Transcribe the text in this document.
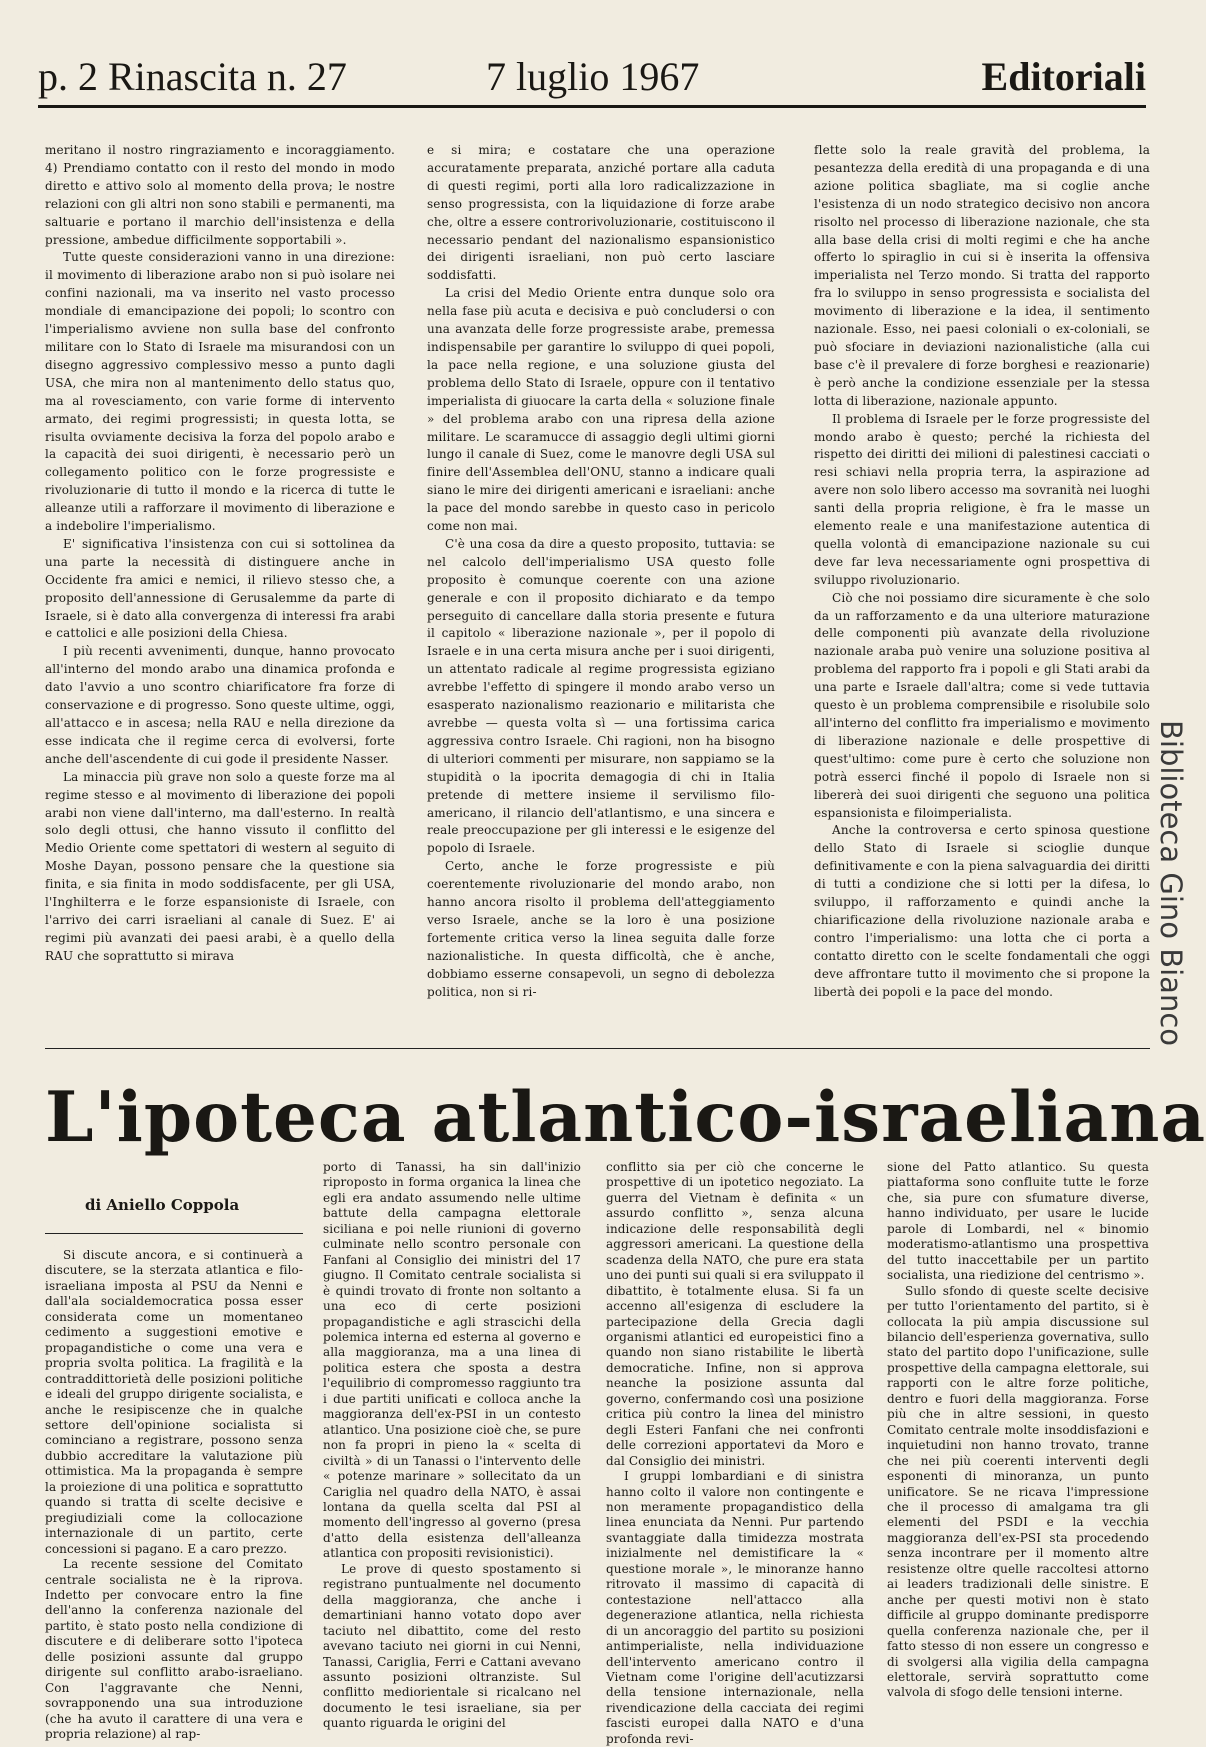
p. 2 Rinascita n. 27	7 luglio 1967	Editoriali

meritano il nostro ringraziamento e incoraggiamento. 4) Prendiamo contatto con il resto del mondo in modo diretto e attivo solo al momento della prova; le nostre relazioni con gli altri non sono stabili e permanenti, ma saltuarie e portano il marchio dell'insistenza e della pressione, ambedue difficilmente sopportabili ».

Tutte queste considerazioni vanno in una direzione: il movimento di liberazione arabo non si può isolare nei confini nazionali, ma va inserito nel vasto processo mondiale di emancipazione dei popoli; lo scontro con l'imperialismo avviene non sulla base del confronto militare con lo Stato di Israele ma misurandosi con un disegno aggressivo complessivo messo a punto dagli USA, che mira non al mantenimento dello status quo, ma al rovesciamento, con varie forme di intervento armato, dei regimi progressisti; in questa lotta, se risulta ovviamente decisiva la forza del popolo arabo e la capacità dei suoi dirigenti, è necessario però un collegamento politico con le forze progressiste e rivoluzionarie di tutto il mondo e la ricerca di tutte le alleanze utili a rafforzare il movimento di liberazione e a indebolire l'imperialismo.

E' significativa l'insistenza con cui si sottolinea da una parte la necessità di distinguere anche in Occidente fra amici e nemici, il rilievo stesso che, a proposito dell'annessione di Gerusalemme da parte di Israele, si è dato alla convergenza di interessi fra arabi e cattolici e alle posizioni della Chiesa.

I più recenti avvenimenti, dunque, hanno provocato all'interno del mondo arabo una dinamica profonda e dato l'avvio a uno scontro chiarificatore fra forze di conservazione e di progresso. Sono queste ultime, oggi, all'attacco e in ascesa; nella RAU e nella direzione da esse indicata che il regime cerca di evolversi, forte anche dell'ascendente di cui gode il presidente Nasser.

La minaccia più grave non solo a queste forze ma al regime stesso e al movimento di liberazione dei popoli arabi non viene dall'interno, ma dall'esterno. In realtà solo degli ottusi, che hanno vissuto il conflitto del Medio Oriente come spettatori di western al seguito di Moshe Dayan, possono pensare che la questione sia finita, e sia finita in modo soddisfacente, per gli USA, l'Inghilterra e le forze espansioniste di Israele, con l'arrivo dei carri israeliani al canale di Suez. E' ai regimi più avanzati dei paesi arabi, è a quello della RAU che soprattutto si mirava

e si mira; e costatare che una operazione accuratamente preparata, anziché portare alla caduta di questi regimi, porti alla loro radicalizzazione in senso progressista, con la liquidazione di forze arabe che, oltre a essere controrivoluzionarie, costituiscono il necessario pendant del nazionalismo espansionistico dei dirigenti israeliani, non può certo lasciare soddisfatti.

La crisi del Medio Oriente entra dunque solo ora nella fase più acuta e decisiva e può concludersi o con una avanzata delle forze progressiste arabe, premessa indispensabile per garantire lo sviluppo di quei popoli, la pace nella regione, e una soluzione giusta del problema dello Stato di Israele, oppure con il tentativo imperialista di giuocare la carta della « soluzione finale » del problema arabo con una ripresa della azione militare. Le scaramucce di assaggio degli ultimi giorni lungo il canale di Suez, come le manovre degli USA sul finire dell'Assemblea dell'ONU, stanno a indicare quali siano le mire dei dirigenti americani e israeliani: anche la pace del mondo sarebbe in questo caso in pericolo come non mai.

C'è una cosa da dire a questo proposito, tuttavia: se nel calcolo dell'imperialismo USA questo folle proposito è comunque coerente con una azione generale e con il proposito dichiarato e da tempo perseguito di cancellare dalla storia presente e futura il capitolo « liberazione nazionale », per il popolo di Israele e in una certa misura anche per i suoi dirigenti, un attentato radicale al regime progressista egiziano avrebbe l'effetto di spingere il mondo arabo verso un esasperato nazionalismo reazionario e militarista che avrebbe — questa volta sì — una fortissima carica aggressiva contro Israele. Chi ragioni, non ha bisogno di ulteriori commenti per misurare, non sappiamo se la stupidità o la ipocrita demagogia di chi in Italia pretende di mettere insieme il servilismo filo-americano, il rilancio dell'atlantismo, e una sincera e reale preoccupazione per gli interessi e le esigenze del popolo di Israele.

Certo, anche le forze progressiste e più coerentemente rivoluzionarie del mondo arabo, non hanno ancora risolto il problema dell'atteggiamento verso Israele, anche se la loro è una posizione fortemente critica verso la linea seguita dalle forze nazionalistiche. In questa difficoltà, che è anche, dobbiamo esserne consapevoli, un segno di debolezza politica, non si ri-

flette solo la reale gravità del problema, la pesantezza della eredità di una propaganda e di una azione politica sbagliate, ma si coglie anche l'esistenza di un nodo strategico decisivo non ancora risolto nel processo di liberazione nazionale, che sta alla base della crisi di molti regimi e che ha anche offerto lo spiraglio in cui si è inserita la offensiva imperialista nel Terzo mondo. Si tratta del rapporto fra lo sviluppo in senso progressista e socialista del movimento di liberazione e la idea, il sentimento nazionale. Esso, nei paesi coloniali o ex-coloniali, se può sfociare in deviazioni nazionalistiche (alla cui base c'è il prevalere di forze borghesi e reazionarie) è però anche la condizione essenziale per la stessa lotta di liberazione, nazionale appunto.

Il problema di Israele per le forze progressiste del mondo arabo è questo; perché la richiesta del rispetto dei diritti dei milioni di palestinesi cacciati o resi schiavi nella propria terra, la aspirazione ad avere non solo libero accesso ma sovranità nei luoghi santi della propria religione, è fra le masse un elemento reale e una manifestazione autentica di quella volontà di emancipazione nazionale su cui deve far leva necessariamente ogni prospettiva di sviluppo rivoluzionario.

Ciò che noi possiamo dire sicuramente è che solo da un rafforzamento e da una ulteriore maturazione delle componenti più avanzate della rivoluzione nazionale araba può venire una soluzione positiva al problema del rapporto fra i popoli e gli Stati arabi da una parte e Israele dall'altra; come si vede tuttavia questo è un problema comprensibile e risolubile solo all'interno del conflitto fra imperialismo e movimento di liberazione nazionale e delle prospettive di quest'ultimo: come pure è certo che soluzione non potrà esserci finché il popolo di Israele non si libererà dei suoi dirigenti che seguono una politica espansionista e filoimperialista.

Anche la controversa e certo spinosa questione dello Stato di Israele si scioglie dunque definitivamente e con la piena salvaguardia dei diritti di tutti a condizione che si lotti per la difesa, lo sviluppo, il rafforzamento e quindi anche la chiarificazione della rivoluzione nazionale araba e contro l'imperialismo: una lotta che ci porta a contatto diretto con le scelte fondamentali che oggi deve affrontare tutto il movimento che si propone la libertà dei popoli e la pace del mondo.	Biblioteca Gino Bianco
L'ipoteca atlantico-israeliana
di Aniello Coppola

Si discute ancora, e si continuerà a discutere, se la sterzata atlantica e filo-israeliana imposta al PSU da Nenni e dall'ala socialdemocratica possa esser considerata come un momentaneo cedimento a suggestioni emotive e propagandistiche o come una vera e propria svolta politica. La fragilità e la contraddittorietà delle posizioni politiche e ideali del gruppo dirigente socialista, e anche le resipiscenze che in qualche settore dell'opinione socialista si cominciano a registrare, possono senza dubbio accreditare la valutazione più ottimistica. Ma la propaganda è sempre la proiezione di una politica e soprattutto quando si tratta di scelte decisive e pregiudiziali come la collocazione internazionale di un partito, certe concessioni si pagano. E a caro prezzo.

La recente sessione del Comitato centrale socialista ne è la riprova. Indetto per convocare entro la fine dell'anno la conferenza nazionale del partito, è stato posto nella condizione di discutere e di deliberare sotto l'ipoteca delle posizioni assunte dal gruppo dirigente sul conflitto arabo-israeliano. Con l'aggravante che Nenni, sovrapponendo una sua introduzione (che ha avuto il carattere di una vera e propria relazione) al rap-

porto di Tanassi, ha sin dall'inizio riproposto in forma organica la linea che egli era andato assumendo nelle ultime battute della campagna elettorale siciliana e poi nelle riunioni di governo culminate nello scontro personale con Fanfani al Consiglio dei ministri del 17 giugno. Il Comitato centrale socialista si è quindi trovato di fronte non soltanto a una eco di certe posizioni propagandistiche e agli strascichi della polemica interna ed esterna al governo e alla maggioranza, ma a una linea di politica estera che sposta a destra l'equilibrio di compromesso raggiunto tra i due partiti unificati e colloca anche la maggioranza dell'ex-PSI in un contesto atlantico. Una posizione cioè che, se pure non fa propri in pieno la « scelta di civiltà » di un Tanassi o l'intervento delle « potenze marinare » sollecitato da un Cariglia nel quadro della NATO, è assai lontana da quella scelta dal PSI al momento dell'ingresso al governo (presa d'atto della esistenza dell'alleanza atlantica con propositi revisionistici).

Le prove di questo spostamento si registrano puntualmente nel documento della maggioranza, che anche i demartiniani hanno votato dopo aver taciuto nel dibattito, come del resto avevano taciuto nei giorni in cui Nenni, Tanassi, Cariglia, Ferri e Cattani avevano assunto posizioni oltranziste. Sul conflitto mediorientale si ricalcano nel documento le tesi israeliane, sia per quanto riguarda le origini del

conflitto sia per ciò che concerne le prospettive di un ipotetico negoziato. La guerra del Vietnam è definita « un assurdo conflitto », senza alcuna indicazione delle responsabilità degli aggressori americani. La questione della scadenza della NATO, che pure era stata uno dei punti sui quali si era sviluppato il dibattito, è totalmente elusa. Si fa un accenno all'esigenza di escludere la partecipazione della Grecia dagli organismi atlantici ed europeistici fino a quando non siano ristabilite le libertà democratiche. Infine, non si approva neanche la posizione assunta dal governo, confermando così una posizione critica più contro la linea del ministro degli Esteri Fanfani che nei confronti delle correzioni apportatevi da Moro e dal Consiglio dei ministri.

I gruppi lombardiani e di sinistra hanno colto il valore non contingente e non meramente propagandistico della linea enunciata da Nenni. Pur partendo svantaggiate dalla timidezza mostrata inizialmente nel demistificare la « questione morale », le minoranze hanno ritrovato il massimo di capacità di contestazione nell'attacco alla degenerazione atlantica, nella richiesta di un ancoraggio del partito su posizioni antimperialiste, nella individuazione dell'intervento americano contro il Vietnam come l'origine dell'acutizzarsi della tensione internazionale, nella rivendicazione della cacciata dei regimi fascisti europei dalla NATO e d'una profonda revi-

sione del Patto atlantico. Su questa piattaforma sono confluite tutte le forze che, sia pure con sfumature diverse, hanno individuato, per usare le lucide parole di Lombardi, nel « binomio moderatismo-atlantismo una prospettiva del tutto inaccettabile per un partito socialista, una riedizione del centrismo ».

Sullo sfondo di queste scelte decisive per tutto l'orientamento del partito, si è collocata la più ampia discussione sul bilancio dell'esperienza governativa, sullo stato del partito dopo l'unificazione, sulle prospettive della campagna elettorale, sui rapporti con le altre forze politiche, dentro e fuori della maggioranza. Forse più che in altre sessioni, in questo Comitato centrale molte insoddisfazioni e inquietudini non hanno trovato, tranne che nei più coerenti interventi degli esponenti di minoranza, un punto unificatore. Se ne ricava l'impressione che il processo di amalgama tra gli elementi del PSDI e la vecchia maggioranza dell'ex-PSI sta procedendo senza incontrare per il momento altre resistenze oltre quelle raccoltesi attorno ai leaders tradizionali delle sinistre. E anche per questi motivi non è stato difficile al gruppo dominante predisporre quella conferenza nazionale che, per il fatto stesso di non essere un congresso e di svolgersi alla vigilia della campagna elettorale, servirà soprattutto come valvola di sfogo delle tensioni interne.
